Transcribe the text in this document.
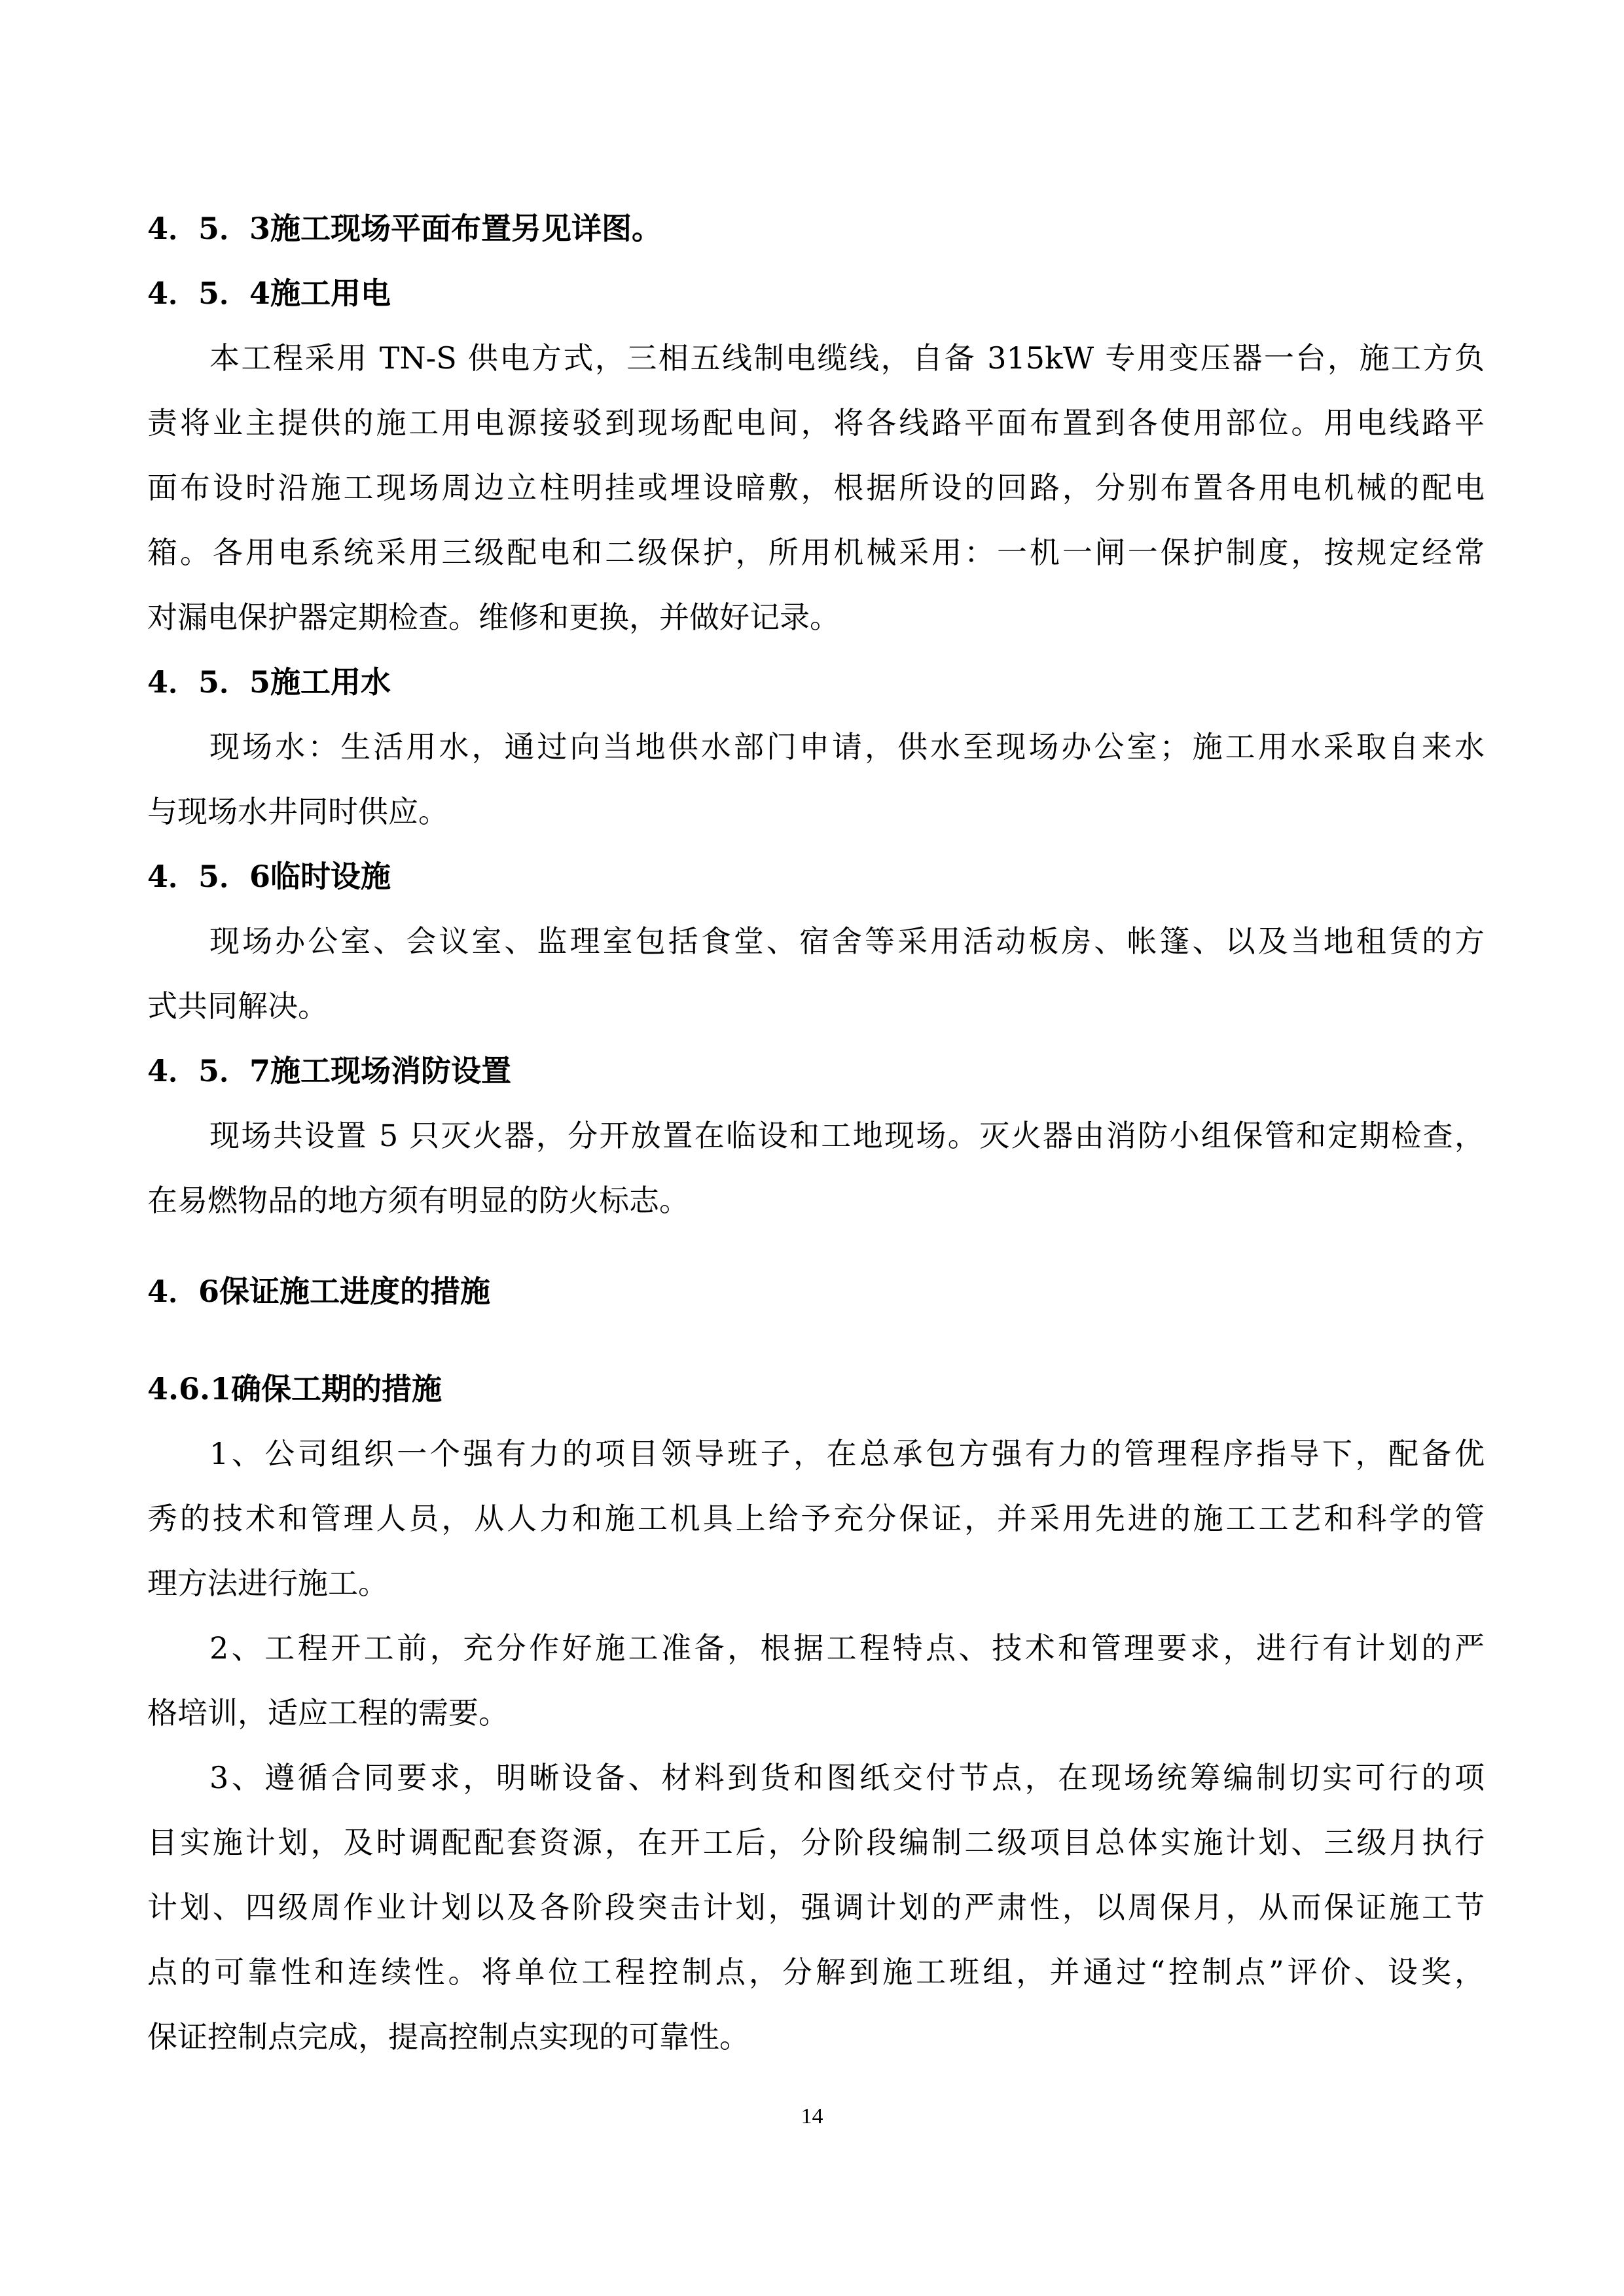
4．5．3施工现场平面布置另见详图。
4．5．4施工用电
本工程采用 TN-S 供电方式，三相五线制电缆线，自备 315kW 专用变压器一台，施工方负
责将业主提供的施工用电源接驳到现场配电间，将各线路平面布置到各使用部位。用电线路平
面布设时沿施工现场周边立柱明挂或埋设暗敷，根据所设的回路，分别布置各用电机械的配电
箱。各用电系统采用三级配电和二级保护，所用机械采用：一机一闸一保护制度，按规定经常
对漏电保护器定期检查。维修和更换，并做好记录。
4．5．5施工用水
现场水：生活用水，通过向当地供水部门申请，供水至现场办公室；施工用水采取自来水
与现场水井同时供应。
4．5．6临时设施
现场办公室、会议室、监理室包括食堂、宿舍等采用活动板房、帐篷、以及当地租赁的方
式共同解决。
4．5．7施工现场消防设置
现场共设置 5 只灭火器，分开放置在临设和工地现场。灭火器由消防小组保管和定期检查，
在易燃物品的地方须有明显的防火标志。
4．6保证施工进度的措施
4.6.1确保工期的措施
1、公司组织一个强有力的项目领导班子，在总承包方强有力的管理程序指导下，配备优
秀的技术和管理人员，从人力和施工机具上给予充分保证，并采用先进的施工工艺和科学的管
理方法进行施工。
2、工程开工前，充分作好施工准备，根据工程特点、技术和管理要求，进行有计划的严
格培训，适应工程的需要。
3、遵循合同要求，明晰设备、材料到货和图纸交付节点，在现场统筹编制切实可行的项
目实施计划，及时调配配套资源，在开工后，分阶段编制二级项目总体实施计划、三级月执行
计划、四级周作业计划以及各阶段突击计划，强调计划的严肃性，以周保月，从而保证施工节
点的可靠性和连续性。将单位工程控制点，分解到施工班组，并通过“控制点”评价、设奖，
保证控制点完成，提高控制点实现的可靠性。
14
